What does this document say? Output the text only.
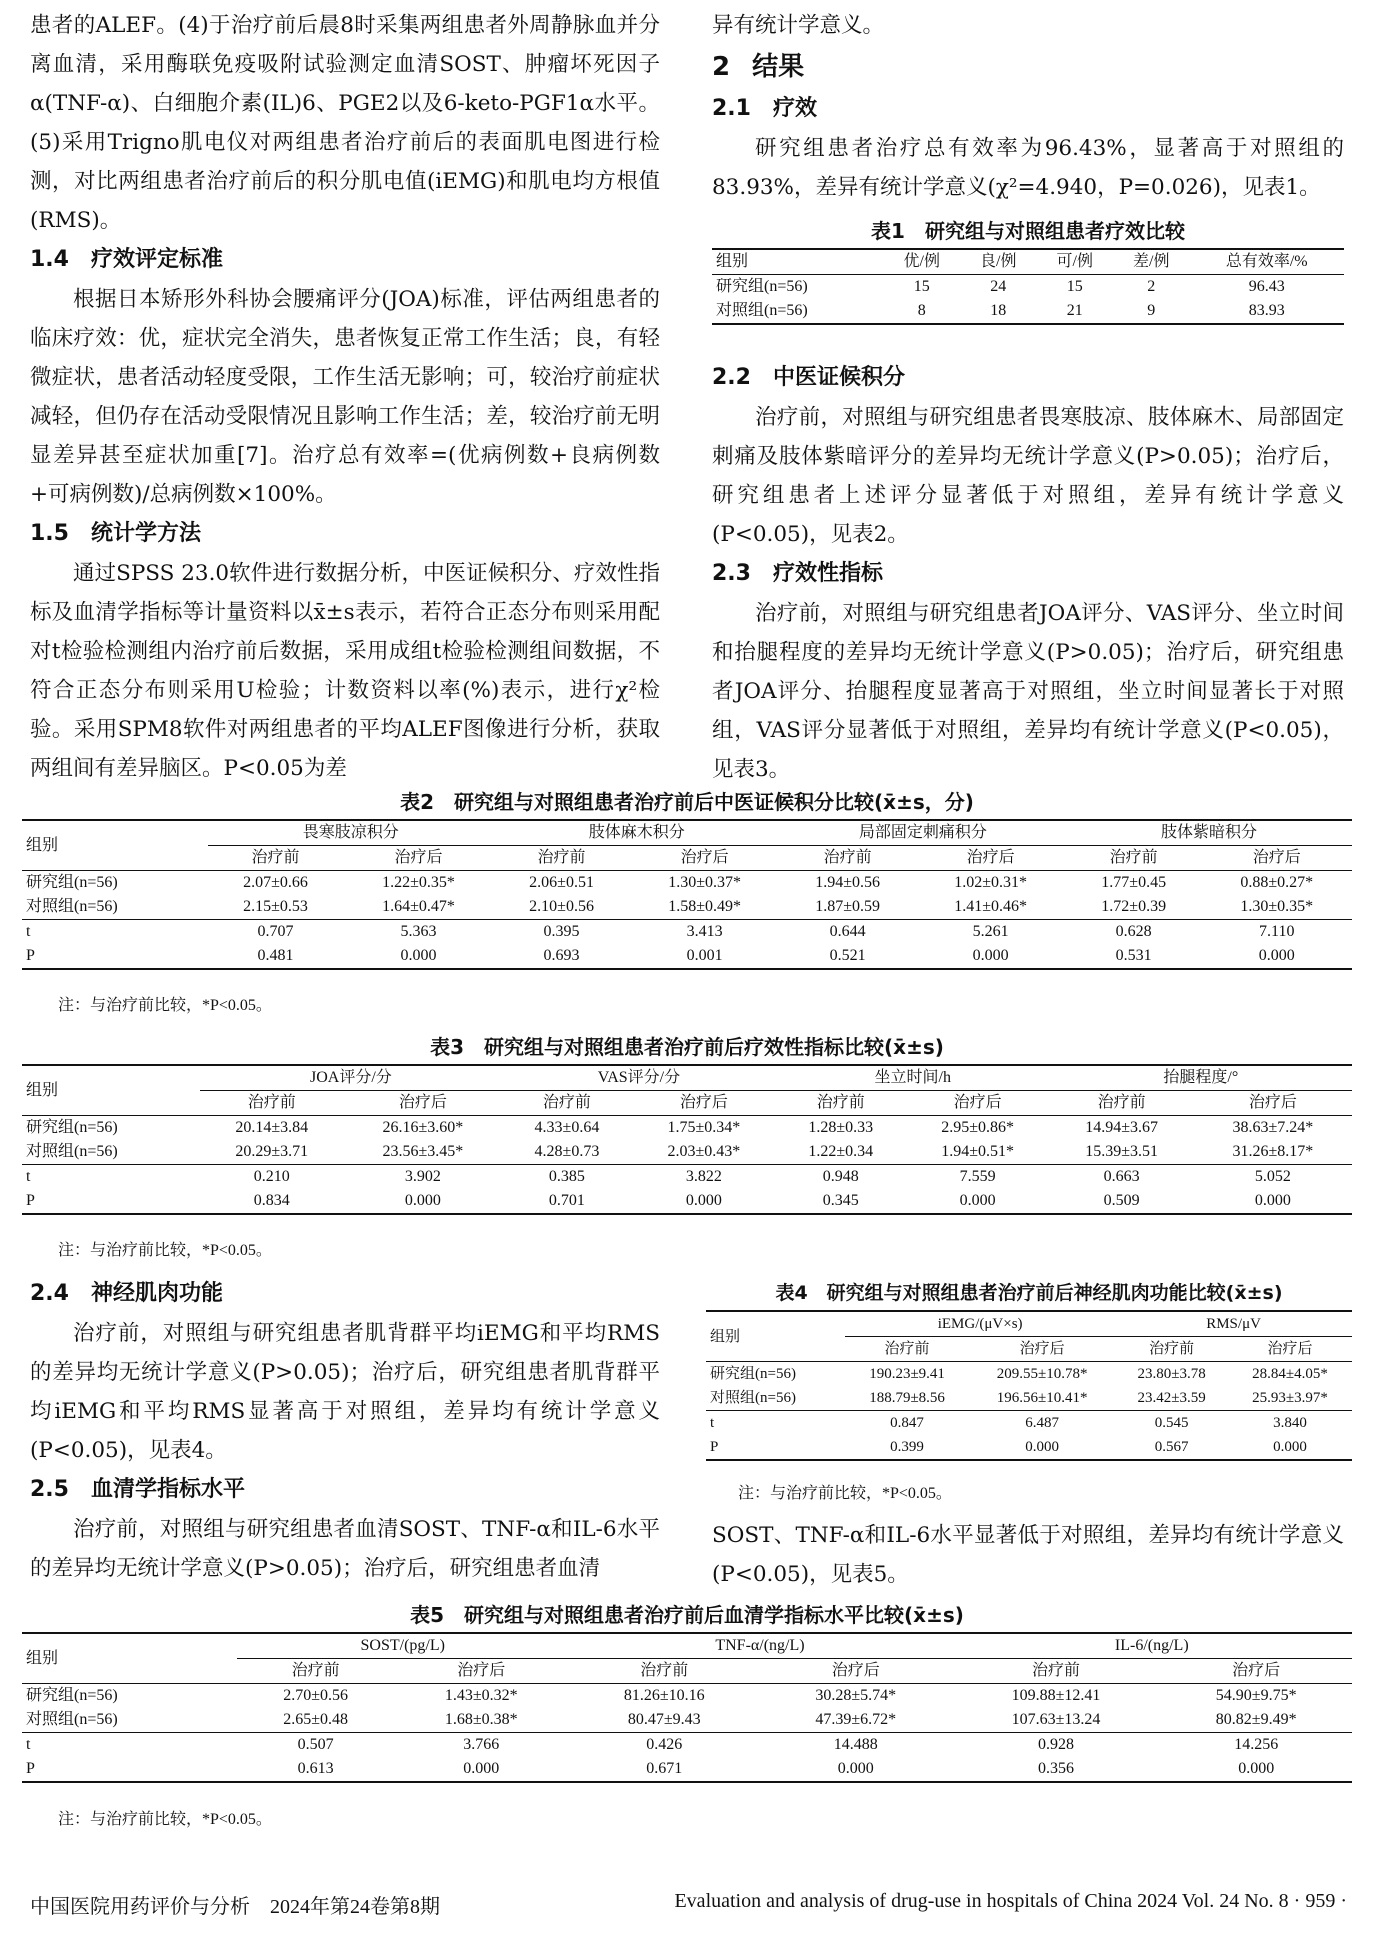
患者的ALEF。(4)于治疗前后晨8时采集两组患者外周静脉血并分离血清，采用酶联免疫吸附试验测定血清SOST、肿瘤坏死因子α(TNF-α)、白细胞介素(IL)6、PGE2以及6-keto-PGF1α水平。(5)采用Trigno肌电仪对两组患者治疗前后的表面肌电图进行检测，对比两组患者治疗前后的积分肌电值(iEMG)和肌电均方根值(RMS)。

1.4 疗效评定标准

根据日本矫形外科协会腰痛评分(JOA)标准，评估两组患者的临床疗效：优，症状完全消失，患者恢复正常工作生活；良，有轻微症状，患者活动轻度受限，工作生活无影响；可，较治疗前症状减轻，但仍存在活动受限情况且影响工作生活；差，较治疗前无明显差异甚至症状加重[7]。治疗总有效率=(优病例数+良病例数+可病例数)/总病例数×100%。

1.5 统计学方法

通过SPSS 23.0软件进行数据分析，中医证候积分、疗效性指标及血清学指标等计量资料以x̄±s表示，若符合正态分布则采用配对t检验检测组内治疗前后数据，采用成组t检验检测组间数据，不符合正态分布则采用U检验；计数资料以率(%)表示，进行χ²检验。采用SPM8软件对两组患者的平均ALEF图像进行分析，获取两组间有差异脑区。P<0.05为差

异有统计学意义。

2 结果
2.1 疗效

研究组患者治疗总有效率为96.43%，显著高于对照组的83.93%，差异有统计学意义(χ²=4.940，P=0.026)，见表1。

表1　研究组与对照组患者疗效比较
组别	优/例	良/例	可/例	差/例	总有效率/%
研究组(n=56)	15	24	15	2	96.43
对照组(n=56)	8	18	21	9	83.93
2.2 中医证候积分

治疗前，对照组与研究组患者畏寒肢凉、肢体麻木、局部固定刺痛及肢体紫暗评分的差异均无统计学意义(P>0.05)；治疗后，研究组患者上述评分显著低于对照组，差异有统计学意义(P<0.05)，见表2。

2.3 疗效性指标

治疗前，对照组与研究组患者JOA评分、VAS评分、坐立时间和抬腿程度的差异均无统计学意义(P>0.05)；治疗后，研究组患者JOA评分、抬腿程度显著高于对照组，坐立时间显著长于对照组，VAS评分显著低于对照组，差异均有统计学意义(P<0.05)，见表3。

表2　研究组与对照组患者治疗前后中医证候积分比较(x̄±s，分)
组别	畏寒肢凉积分		肢体麻木积分		局部固定刺痛积分		肢体紫暗积分	
	治疗前	治疗后	治疗前	治疗后	治疗前	治疗后	治疗前	治疗后
研究组(n=56)	2.07±0.66	1.22±0.35*	2.06±0.51	1.30±0.37*	1.94±0.56	1.02±0.31*	1.77±0.45	0.88±0.27*
对照组(n=56)	2.15±0.53	1.64±0.47*	2.10±0.56	1.58±0.49*	1.87±0.59	1.41±0.46*	1.72±0.39	1.30±0.35*
t	0.707	5.363	0.395	3.413	0.644	5.261	0.628	7.110
P	0.481	0.000	0.693	0.001	0.521	0.000	0.531	0.000
注：与治疗前比较，*P<0.05。
表3　研究组与对照组患者治疗前后疗效性指标比较(x̄±s)
组别	JOA评分/分		VAS评分/分		坐立时间/h		抬腿程度/°	
	治疗前	治疗后	治疗前	治疗后	治疗前	治疗后	治疗前	治疗后
研究组(n=56)	20.14±3.84	26.16±3.60*	4.33±0.64	1.75±0.34*	1.28±0.33	2.95±0.86*	14.94±3.67	38.63±7.24*
对照组(n=56)	20.29±3.71	23.56±3.45*	4.28±0.73	2.03±0.43*	1.22±0.34	1.94±0.51*	15.39±3.51	31.26±8.17*
t	0.210	3.902	0.385	3.822	0.948	7.559	0.663	5.052
P	0.834	0.000	0.701	0.000	0.345	0.000	0.509	0.000
注：与治疗前比较，*P<0.05。
2.4 神经肌肉功能

治疗前，对照组与研究组患者肌背群平均iEMG和平均RMS的差异均无统计学意义(P>0.05)；治疗后，研究组患者肌背群平均iEMG和平均RMS显著高于对照组，差异均有统计学意义(P<0.05)，见表4。

2.5 血清学指标水平

治疗前，对照组与研究组患者血清SOST、TNF-α和IL-6水平的差异均无统计学意义(P>0.05)；治疗后，研究组患者血清

表4　研究组与对照组患者治疗前后神经肌肉功能比较(x̄±s)
组别	iEMG/(μV×s)		RMS/μV	
	治疗前	治疗后	治疗前	治疗后
研究组(n=56)	190.23±9.41	209.55±10.78*	23.80±3.78	28.84±4.05*
对照组(n=56)	188.79±8.56	196.56±10.41*	23.42±3.59	25.93±3.97*
t	0.847	6.487	0.545	3.840
P	0.399	0.000	0.567	0.000
注：与治疗前比较，*P<0.05。

SOST、TNF-α和IL-6水平显著低于对照组，差异均有统计学意义(P<0.05)，见表5。

表5　研究组与对照组患者治疗前后血清学指标水平比较(x̄±s)
组别	SOST/(pg/L)		TNF-α/(ng/L)		IL-6/(ng/L)	
	治疗前	治疗后	治疗前	治疗后	治疗前	治疗后
研究组(n=56)	2.70±0.56	1.43±0.32*	81.26±10.16	30.28±5.74*	109.88±12.41	54.90±9.75*
对照组(n=56)	2.65±0.48	1.68±0.38*	80.47±9.43	47.39±6.72*	107.63±13.24	80.82±9.49*
t	0.507	3.766	0.426	14.488	0.928	14.256
P	0.613	0.000	0.671	0.000	0.356	0.000
注：与治疗前比较，*P<0.05。
中国医院用药评价与分析　2024年第24卷第8期	Evaluation and analysis of drug-use in hospitals of China 2024 Vol. 24 No. 8 · 959 ·
